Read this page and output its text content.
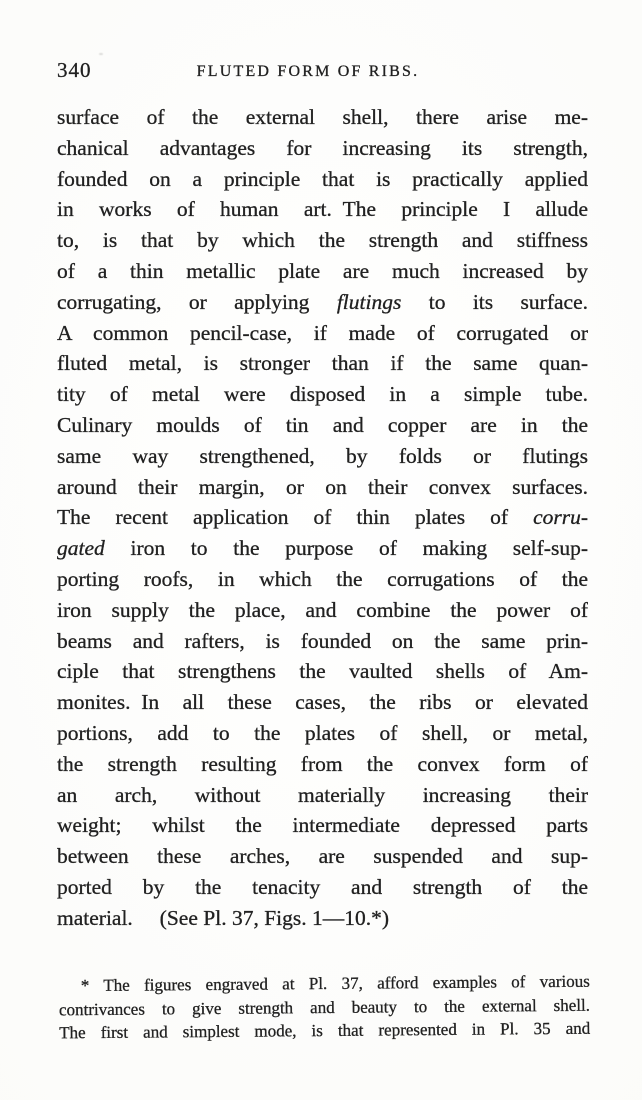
340	FLUTED FORM OF RIBS.
surface of the external shell, there arise me-
chanical advantages for increasing its strength,
founded on a principle that is practically applied
in works of human art. The principle I allude
to, is that by which the strength and stiffness
of a thin metallic plate are much increased by
corrugating, or applying flutings to its surface.
A common pencil-case, if made of corrugated or
fluted metal, is stronger than if the same quan-
tity of metal were disposed in a simple tube.
Culinary moulds of tin and copper are in the
same way strengthened, by folds or flutings
around their margin, or on their convex surfaces.
The recent application of thin plates of corru-
gated iron to the purpose of making self-sup-
porting roofs, in which the corrugations of the
iron supply the place, and combine the power of
beams and rafters, is founded on the same prin-
ciple that strengthens the vaulted shells of Am-
monites. In all these cases, the ribs or elevated
portions, add to the plates of shell, or metal,
the strength resulting from the convex form of
an arch, without materially increasing their
weight; whilst the intermediate depressed parts
between these arches, are suspended and sup-
ported by the tenacity and strength of the
material.  (See Pl. 37, Figs. 1—10.*)
* The figures engraved at Pl. 37, afford examples of various
contrivances to give strength and beauty to the external shell.
The first and simplest mode, is that represented in Pl. 35 and
